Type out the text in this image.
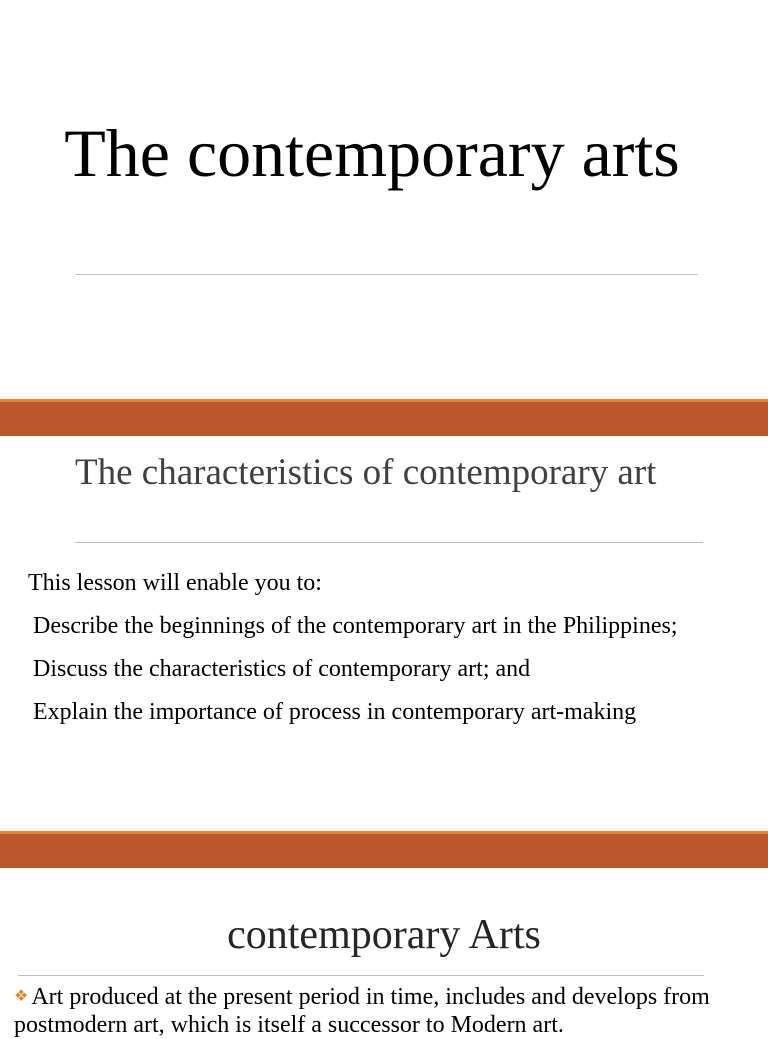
The contemporary arts
The characteristics of contemporary art

This lesson will enable you to:

Describe the beginnings of the contemporary art in the Philippines;
Discuss the characteristics of contemporary art; and
Explain the importance of process in contemporary art-making
contemporary Arts

❖ Art produced at the present period in time, includes and develops from postmodern art, which is itself a successor to Modern art.
